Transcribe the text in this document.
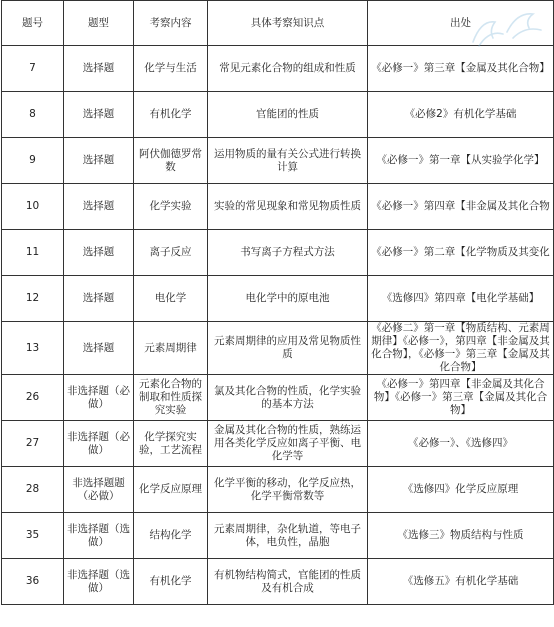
题号	题型	考察内容	具体考察知识点	出处
7	选择题	化学与生活	常见元素化合物的组成和性质	《必修一》第三章【金属及其化合物】
8	选择题	有机化学	官能团的性质	《必修2》有机化学基础
9	选择题	阿伏伽德罗常数	运用物质的量有关公式进行转换计算	《必修一》第一章【从实验学化学】
10	选择题	化学实验	实验的常见现象和常见物质性质	《必修一》第四章【非金属及其化合物
11	选择题	离子反应	书写离子方程式方法	《必修一》第二章【化学物质及其变化
12	选择题	电化学	电化学中的原电池	《选修四》第四章【电化学基础】
13	选择题	元素周期律	元素周期律的应用及常见物质性质	《必修二》第一章【物质结构、元素周期律】《必修一》，第四章【非金属及其化合物】，《必修一》第三章【金属及其化合物】
26	非选择题（必做）	元素化合物的制取和性质探究实验	氯及其化合物的性质，化学实验的基本方法	《必修一》第四章【非金属及其化合物】《必修一》第三章【金属及其化合物】
27	非选择题（必做）	化学探究实验，工艺流程	金属及其化合物的性质，熟练运用各类化学反应如离子平衡、电化学等	《必修一》、《选修四》
28	非选择题题（必做）	化学反应原理	化学平衡的移动，化学反应热，化学平衡常数等	《选修四》化学反应原理
35	非选择题（选做）	结构化学	元素周期律，杂化轨道，等电子体，电负性，晶胞	《选修三》物质结构与性质
36	非选择题（选做）	有机化学	有机物结构简式，官能团的性质及有机合成	《选修五》有机化学基础
